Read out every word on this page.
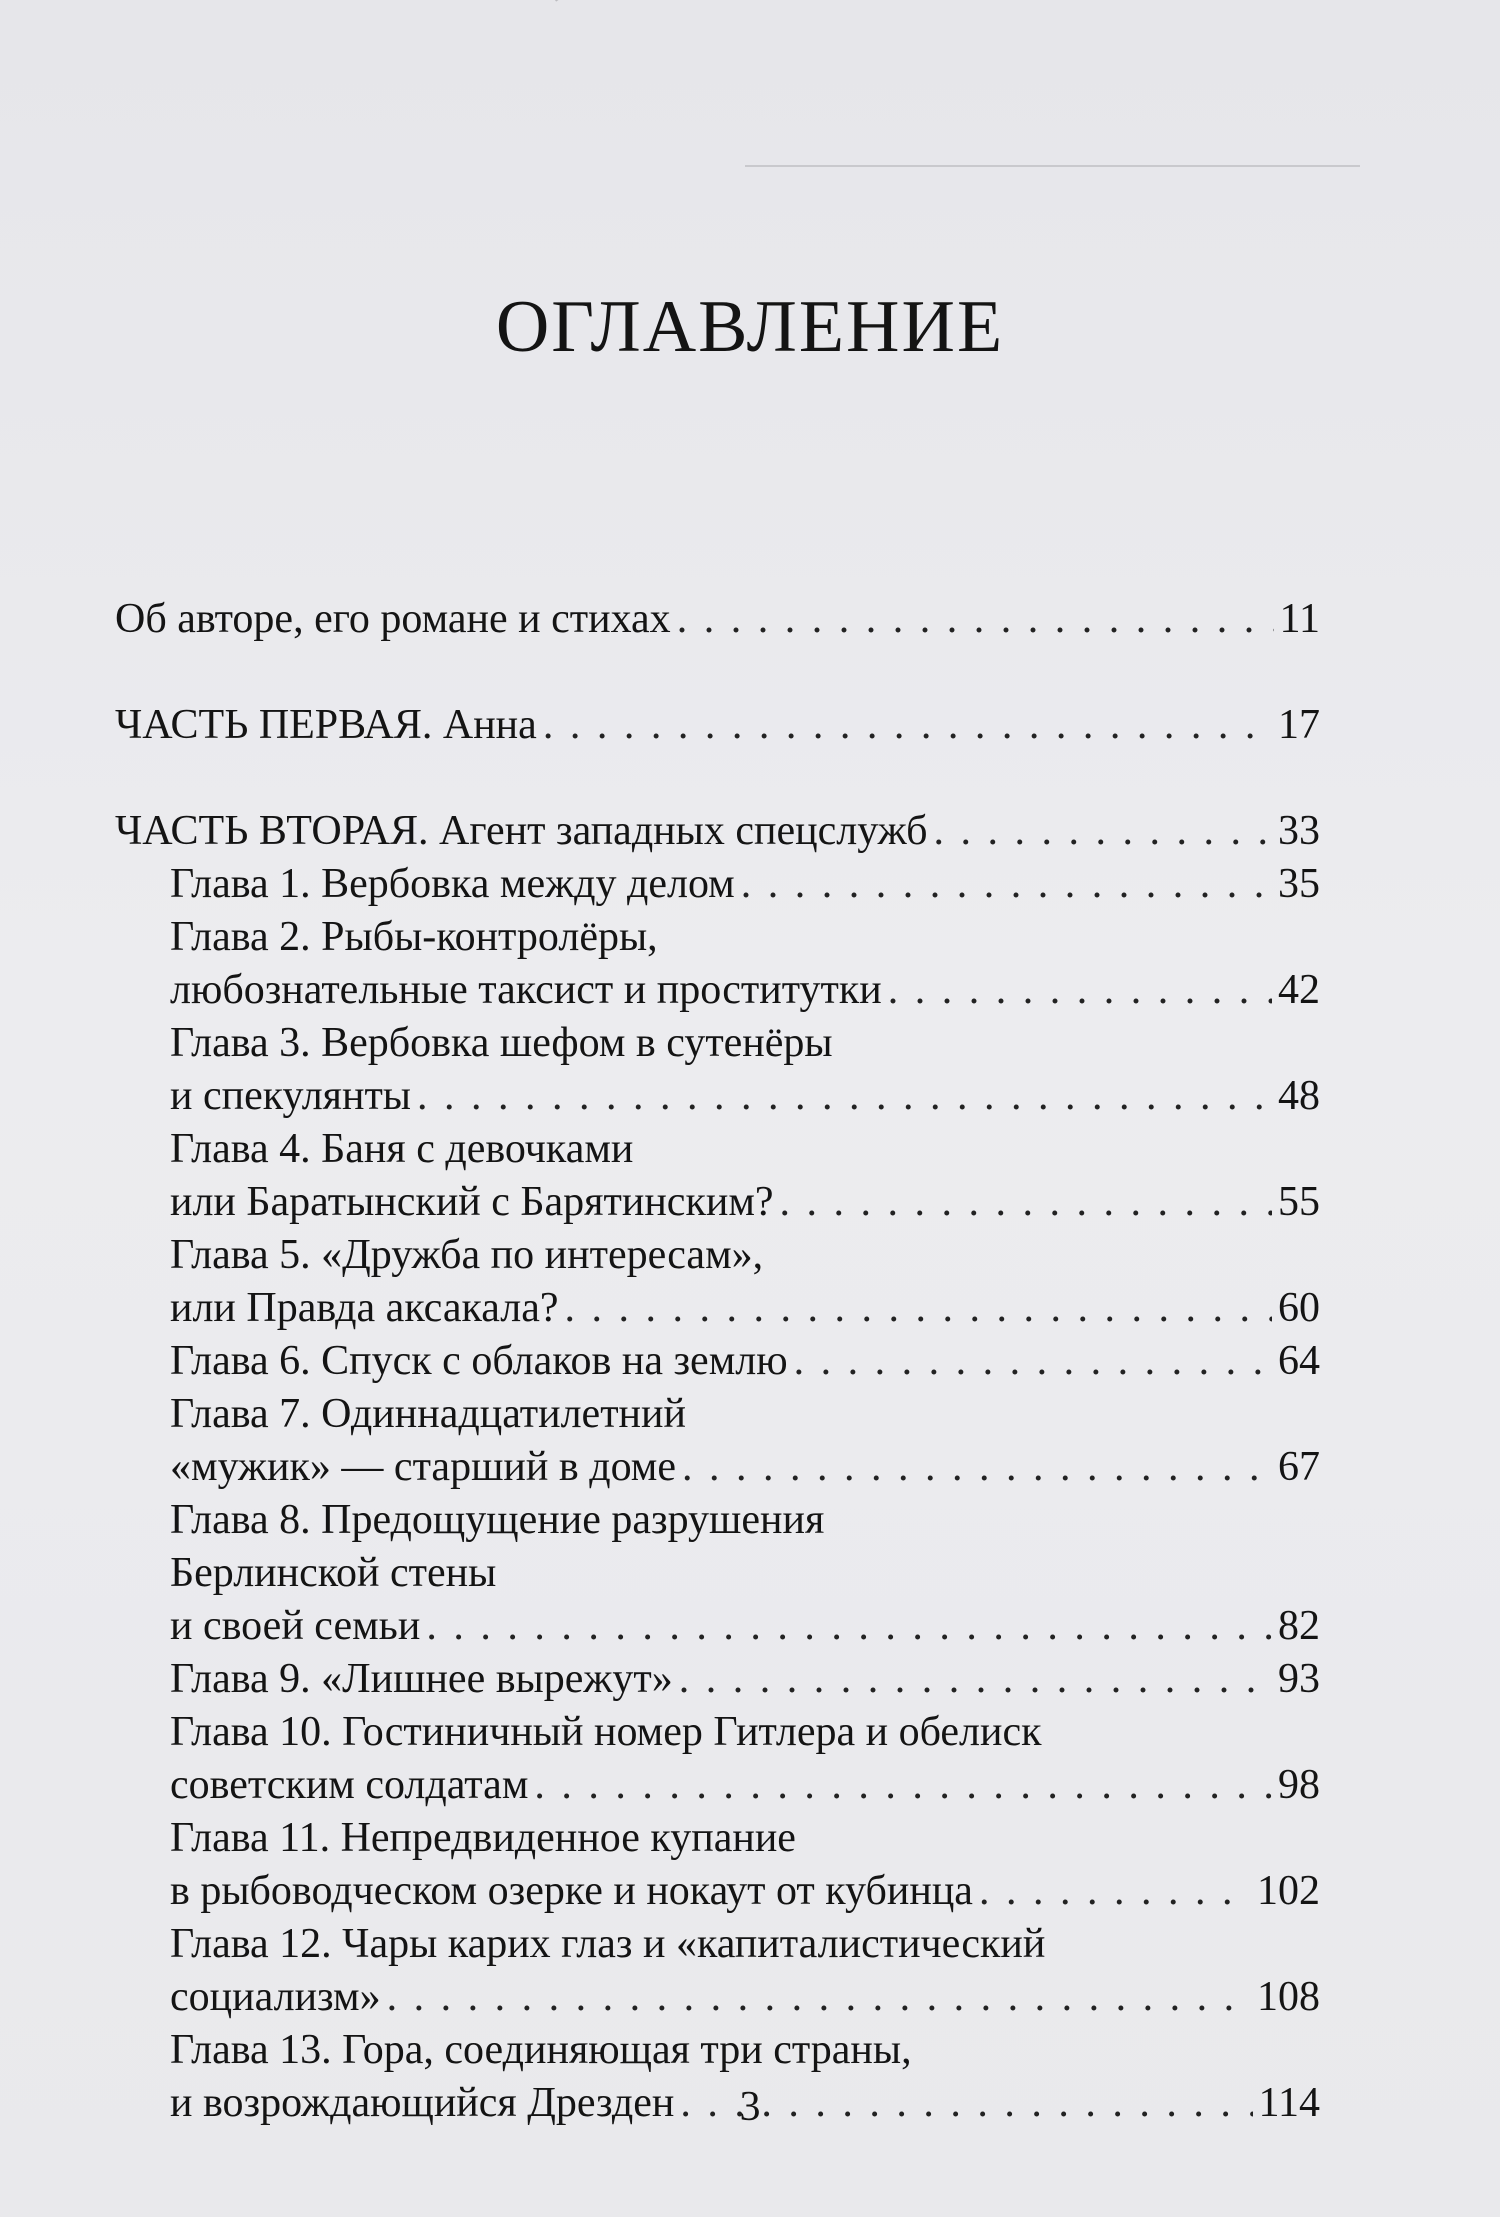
ОГЛАВЛЕНИЕ
Об авторе, его романе и стихах . . .	11
ЧАСТЬ ПЕРВАЯ. Анна . . .	17
ЧАСТЬ ВТОРАЯ. Агент западных спецслужб . . .	33
Глава 1. Вербовка между делом . . .	35
Глава 2. Рыбы-контролёры,
любознательные таксист и проститутки . . .	42
Глава 3. Вербовка шефом в сутенёры
и спекулянты . . .	48
Глава 4. Баня с девочками
или Баратынский с Барятинским? . . .	55
Глава 5. «Дружба по интересам»,
или Правда аксакала? . . .	60
Глава 6. Спуск с облаков на землю . . .	64
Глава 7. Одиннадцатилетний
«мужик» — старший в доме . . .	67
Глава 8. Предощущение разрушения
Берлинской стены
и своей семьи . . .	82
Глава 9. «Лишнее вырежут» . . .	93
Глава 10. Гостиничный номер Гитлера и обелиск
советским солдатам . . .	98
Глава 11. Непредвиденное купание
в рыбоводческом озерке и нокаут от кубинца . . .	102
Глава 12. Чары карих глаз и «капиталистический
социализм» . . .	108
Глава 13. Гора, соединяющая три страны,
и возрождающийся Дрезден . . .	114
3
